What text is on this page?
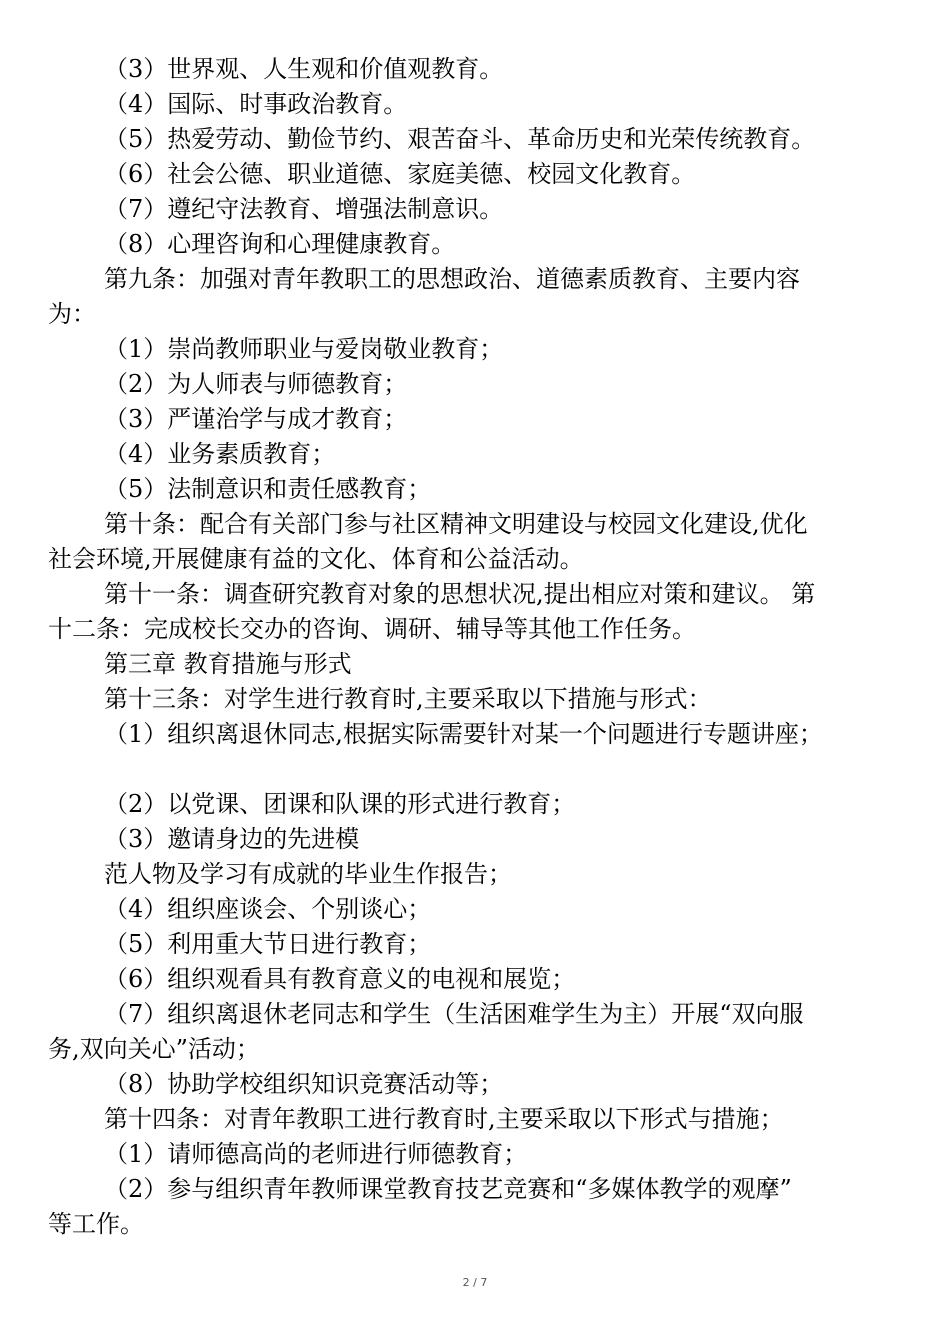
（3）世界观、人生观和价值观教育。
（4）国际、时事政治教育。
（5）热爱劳动、勤俭节约、艰苦奋斗、革命历史和光荣传统教育。
（6）社会公德、职业道德、家庭美德、校园文化教育。
（7）遵纪守法教育、增强法制意识。
（8）心理咨询和心理健康教育。
第九条：加强对青年教职工的思想政治、道德素质教育、主要内容
为：
（1）崇尚教师职业与爱岗敬业教育；
（2）为人师表与师德教育；
（3）严谨治学与成才教育；
（4）业务素质教育；
（5）法制意识和责任感教育；
第十条：配合有关部门参与社区精神文明建设与校园文化建设,优化
社会环境,开展健康有益的文化、体育和公益活动。
第十一条：调查研究教育对象的思想状况,提出相应对策和建议。 第
十二条：完成校长交办的咨询、调研、辅导等其他工作任务。
第三章 教育措施与形式
第十三条：对学生进行教育时,主要采取以下措施与形式：
（1）组织离退休同志,根据实际需要针对某一个问题进行专题讲座；
（2）以党课、团课和队课的形式进行教育；
（3）邀请身边的先进模
范人物及学习有成就的毕业生作报告；
（4）组织座谈会、个别谈心；
（5）利用重大节日进行教育；
（6）组织观看具有教育意义的电视和展览；
（7）组织离退休老同志和学生（生活困难学生为主）开展“双向服
务,双向关心”活动；
（8）协助学校组织知识竞赛活动等；
第十四条：对青年教职工进行教育时,主要采取以下形式与措施；
（1）请师德高尚的老师进行师德教育；
（2）参与组织青年教师课堂教育技艺竞赛和“多媒体教学的观摩”
等工作。
2 / 7
